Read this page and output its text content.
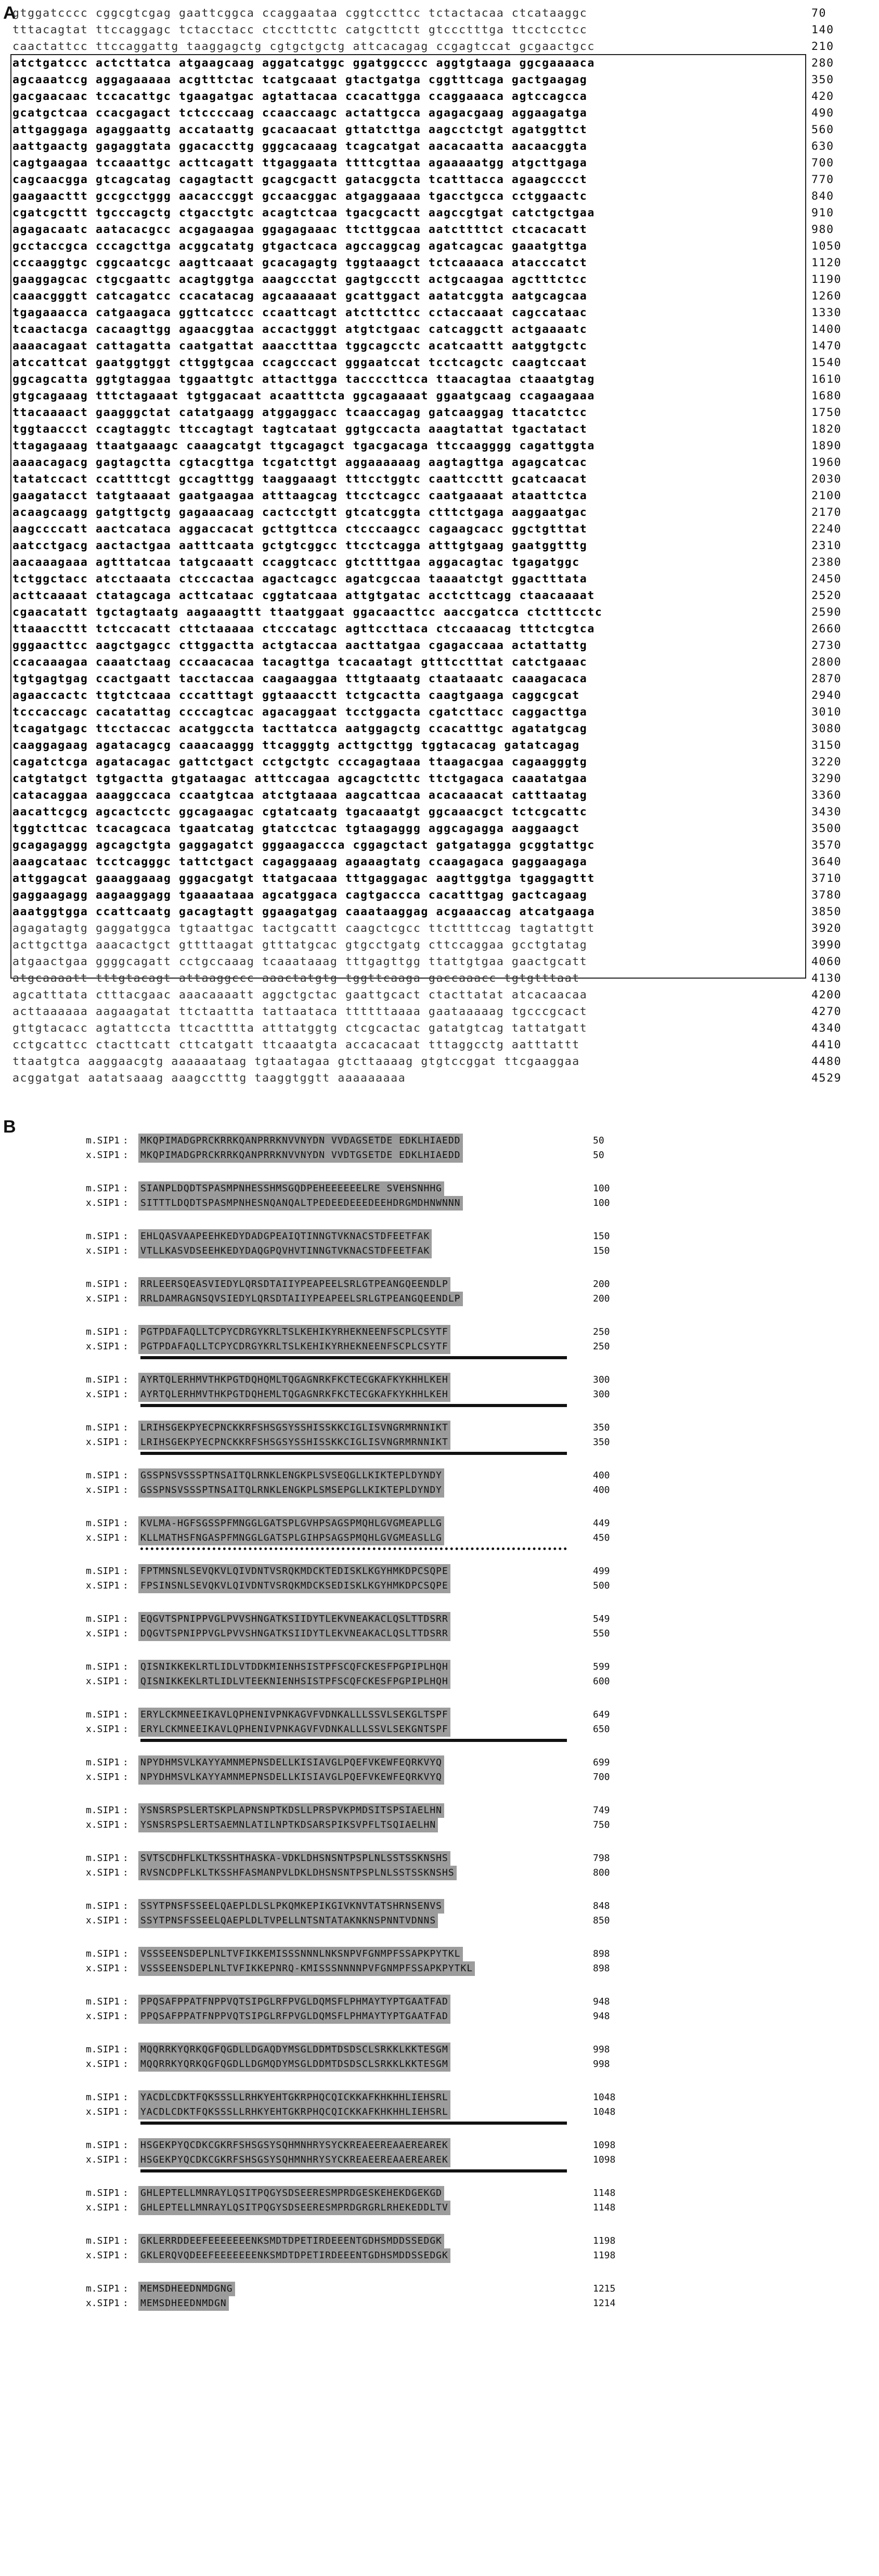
A
gtggatcccc cggcgtcgag gaattcggca ccaggaataa cggtccttcc tctactacaa ctcataaggc	70
tttacagtat ttccaggagc tctacctacc ctccttcttc catgcttctt gtccctttga ttcctcctcc	140
caactattcc ttccaggattg taaggagctg cgtgctgctg attcacagag ccgagtccat gcgaactgcc	210
atctgatccc actcttatca atgaagcaag aggatcatggc ggatggcccc aggtgtaaga ggcgaaaaca	280
agcaaatccg aggagaaaaa acgtttctac tcatgcaaat gtactgatga cggtttcaga gactgaagag	350
gacgaacaac tccacattgc tgaagatgac agtattacaa ccacattgga ccaggaaaca agtccagcca	420
gcatgctcaa ccacgagact tctccccaag ccaaccaagc actattgcca agagacgaag aggaagatga	490
attgaggaga agaggaattg accataattg gcacaacaat gttatcttga aagcctctgt agatggttct	560
aattgaactg gagaggtata ggacaccttg gggcacaaag tcagcatgat aacacaatta aacaacggta	630
cagtgaagaa tccaaattgc acttcagatt ttgaggaata ttttcgttaa agaaaaatgg atgcttgaga	700
cagcaacgga gtcagcatag cagagtactt gcagcgactt gatacggcta tcatttacca agaagcccct	770
gaagaacttt gccgcctggg aacacccggt gccaacggac atgaggaaaa tgacctgcca cctggaactc	840
cgatcgcttt tgcccagctg ctgacctgtc acagtctcaa tgacgcactt aagccgtgat catctgctgaa	910
agagacaatc aatacacgcc acgagaagaa ggagagaaac ttcttggcaa aatcttttct ctcacacatt	980
gcctaccgca cccagcttga acggcatatg gtgactcaca agccaggcag agatcagcac gaaatgttga	1050
cccaaggtgc cggcaatcgc aagttcaaat gcacagagtg tggtaaagct tctcaaaaca atacccatct	1120
gaaggagcac ctgcgaattc acagtggtga aaagccctat gagtgccctt actgcaagaa agctttctcc	1190
caaacgggtt catcagatcc ccacatacag agcaaaaaat gcattggact aatatcggta aatgcagcaa	1260
tgagaaacca catgaagaca ggttcatccc ccaattcagt atcttcttcc cctaccaaat cagccataac	1330
tcaactacga cacaagttgg agaacggtaa accactgggt atgtctgaac catcaggctt actgaaaatc	1400
aaaacagaat cattagatta caatgattat aaacctttaa tggcagcctc acatcaattt aatggtgctc	1470
atccattcat gaatggtggt cttggtgcaa ccagcccact gggaatccat tcctcagctc caagtccaat	1540
ggcagcatta ggtgtaggaa tggaattgtc attacttgga taccccttcca ttaacagtaa ctaaatgtag	1610
gtgcagaaag tttctagaaat tgtggacaat acaatttcta ggcagaaaat ggaatgcaag ccagaagaaa	1680
ttacaaaact gaagggctat catatgaagg atggaggacc tcaaccagag gatcaaggag ttacatctcc	1750
tggtaaccct ccagtaggtc ttccagtagt tagtcataat ggtgccacta aaagtattat tgactatact	1820
ttagagaaag ttaatgaaagc caaagcatgt ttgcagagct tgacgacaga ttccaagggg cagattggta	1890
aaaacagacg gagtagctta cgtacgttga tcgatcttgt aggaaaaaag aagtagttga agagcatcac	1960
tatatccact ccattttcgt gccagtttgg taaggaaagt tttcctggtc caattccttt gcatcaacat	2030
gaagatacct tatgtaaaat gaatgaagaa atttaagcag ttcctcagcc caatgaaaat ataattctca	2100
acaagcaagg gatgttgctg gagaaacaag cactcctgtt gtcatcggta ctttctgaga aaggaatgac	2170
aagccccatt aactcataca aggaccacat gcttgttcca ctcccaagcc cagaagcacc ggctgtttat	2240
aatcctgacg aactactgaa aatttcaata gctgtcggcc ttcctcagga atttgtgaag gaatggtttg	2310
aacaaagaaa agtttatcaa tatgcaaatt ccaggtcacc gtcttttgaa aggacagtac tgagatggc	2380
tctggctacc atcctaaata ctcccactaa agactcagcc agatcgccaa taaaatctgt ggactttata	2450
acttcaaaat ctatagcaga acttcataac cggtatcaaa attgtgatac acctcttcagg ctaacaaaat	2520
cgaacatatt tgctagtaatg aagaaagttt ttaatggaat ggacaacttcc aaccgatcca ctctttcctc	2590
ttaaaccttt tctccacatt cttctaaaaa ctcccatagc agttccttaca ctccaaacag tttctcgtca	2660
gggaacttcc aagctgagcc cttggactta actgtaccaa aacttatgaa cgagaccaaa actattattg	2730
ccacaaagaa caaatctaag cccaacacaa tacagttga tcacaatagt gtttcctttat catctgaaac	2800
tgtgagtgag ccactgaatt tacctaccaa caagaaggaa tttgtaaatg ctaataaatc caaagacaca	2870
agaaccactc ttgtctcaaa cccatttagt ggtaaacctt tctgcactta caagtgaaga caggcgcat	2940
tcccaccagc cacatattag ccccagtcac agacaggaat tcctggacta cgatcttacc caggacttga	3010
tcagatgagc ttcctaccac acatggccta tacttatcca aatggagctg ccacatttgc agatatgcag	3080
caaggagaag agatacagcg caaacaaggg ttcagggtg acttgcttgg tggtacacag gatatcagag	3150
cagatctcga agatacagac gattctgact cctgctgtc cccagagtaaa ttaagacgaa cagaagggtg	3220
catgtatgct tgtgactta gtgataagac atttccagaa agcagctcttc ttctgagaca caaatatgaa	3290
catacaggaa aaaggccaca ccaatgtcaa atctgtaaaa aagcattcaa acacaaacat catttaatag	3360
aacattcgcg agcactcctc ggcagaagac cgtatcaatg tgacaaatgt ggcaaacgct tctcgcattc	3430
tggtcttcac tcacagcaca tgaatcatag gtatcctcac tgtaagaggg aggcagagga aaggaagct	3500
gcagagaggg agcagctgta gaggagatct gggaagaccca cggagctact gatgatagga gcggtattgc	3570
aaagcataac tcctcagggc tattctgact cagaggaaag agaaagtatg ccaagagaca gaggaagaga	3640
attggagcat gaaaggaaag gggacgatgt ttatgacaaa tttgaggagac aagttggtga tgaggagttt	3710
gaggaagagg aagaaggagg tgaaaataaa agcatggaca cagtgaccca cacatttgag gactcagaag	3780
aaatggtgga ccattcaatg gacagtagtt ggaagatgag caaataaggag acgaaaccag atcatgaaga	3850
agagatagtg gaggatggca tgtaattgac tactgcattt caagctcgcc ttcttttccag tagtattgtt	3920
acttgcttga aaacactgct gttttaagat gtttatgcac gtgcctgatg cttccaggaa gcctgtatag	3990
atgaactgaa ggggcagatt cctgccaaag tcaaataaag tttgagttgg ttattgtgaa gaactgcatt	4060
atgcaaaatt tttgtacagt attaaggccc aaactatgtg tggttcaaga gaccaaacc tgtgtttaat	4130
agcatttata ctttacgaac aaacaaaatt aggctgctac gaattgcact ctacttatat atcacaacaa	4200
acttaaaaaa aagaagatat ttctaattta tattaataca ttttttaaaa gaataaaaag tgcccgcact	4270
gttgtacacc agtattccta ttcactttta atttatggtg ctcgcactac gatatgtcag tattatgatt	4340
cctgcattcc ctacttcatt cttcatgatt ttcaaatgta accacacaat tttaggcctg aatttattt	4410
ttaatgtca aaggaacgtg aaaaaataag tgtaatagaa gtcttaaaag gtgtccggat ttcgaaggaa	4480
acggatgat aatatsaaag aaagcctttg taaggtggtt aaaaaaaaa	4529
B
m.SIP1 : MKQPIMADGPRCKRRKQANPRRKNVVNYDN VVDAGSETDE EDKLHIAEDD	50
x.SIP1 : MKQPIMADGPRCKRRKQANPRRKNVVNYDN VVDTGSETDE EDKLHIAEDD	50
m.SIP1 : SIANPLDQDTSPASMPNHESSHMSGQDPEHEEEEEELRE SVEHSNHHG	100
x.SIP1 : SITTTLDQDTSPASMPNHESNQANQALTPEDEEDEEEDEEHDRGMDHNWNNN	100
m.SIP1 : EHLQASVAAPEEHKEDYDADGPEAIQTINNGTVKNACSTDFEETFAK	150
x.SIP1 : VTLLKASVDSEEHKEDYDAQGPQVHVTINNGTVKNACSTDFEETFAK	150
m.SIP1 : RRLEERSQEASVIEDYLQRSDTAIIYPEAPEELSRLGTPEANGQEENDLP	200
x.SIP1 : RRLDAMRAGNSQVSIEDYLQRSDTAIIYPEAPEELSRLGTPEANGQEENDLP	200
m.SIP1 : PGTPDAFAQLLTCPYCDRGYKRLTSLKEHIKYRHEKNEENFSCPLCSYTF	250
x.SIP1 : PGTPDAFAQLLTCPYCDRGYKRLTSLKEHIKYRHEKNEENFSCPLCSYTF	250
m.SIP1 : AYRTQLERHMVTHKPGTDQHQMLTQGAGNRKFKCTECGKAFKYKHHLKEH	300
x.SIP1 : AYRTQLERHMVTHKPGTDQHEMLTQGAGNRKFKCTECGKAFKYKHHLKEH	300
m.SIP1 : LRIHSGEKPYECPNCKKRFSHSGSYSSHISSKKCIGLISVNGRMRNNIKT	350
x.SIP1 : LRIHSGEKPYECPNCKKRFSHSGSYSSHISSKKCIGLISVNGRMRNNIKT	350
m.SIP1 : GSSPNSVSSSPTNSAITQLRNKLENGKPLSVSEQGLLKIKTEPLDYNDY	400
x.SIP1 : GSSPNSVSSSPTNSAITQLRNKLENGKPLSMSEPGLLKIKTEPLDYNDY	400
m.SIP1 : KVLMA-HGFSGSSPFMNGGLGATSPLGVHPSAGSPMQHLGVGMEAPLLG	449
x.SIP1 : KLLMATHSFNGASPFMNGGLGATSPLGIHPSAGSPMQHLGVGMEASLLG	450
m.SIP1 : FPTMNSNLSEVQKVLQIVDNTVSRQKMDCKTEDISKLKGYHMKDPCSQPE	499
x.SIP1 : FPSINSNLSEVQKVLQIVDNTVSRQKMDCKSEDISKLKGYHMKDPCSQPE	500
m.SIP1 : EQGVTSPNIPPVGLPVVSHNGATKSIIDYTLEKVNEAKACLQSLTTDSRR	549
x.SIP1 : DQGVTSPNIPPVGLPVVSHNGATKSIIDYTLEKVNEAKACLQSLTTDSRR	550
m.SIP1 : QISNIKKEKLRTLIDLVTDDKMIENHSISTPFSCQFCKESFPGPIPLHQH	599
x.SIP1 : QISNIKKEKLRTLIDLVTEEKNIENHSISTPFSCQFCKESFPGPIPLHQH	600
m.SIP1 : ERYLCKMNEEIKAVLQPHENIVPNKAGVFVDNKALLLSSVLSEKGLTSPF	649
x.SIP1 : ERYLCKMNEEIKAVLQPHENIVPNKAGVFVDNKALLLSSVLSEKGNTSPF	650
m.SIP1 : NPYDHMSVLKAYYAMNMEPNSDELLKISIAVGLPQEFVKEWFEQRKVYQ	699
x.SIP1 : NPYDHMSVLKAYYAMNMEPNSDELLKISIAVGLPQEFVKEWFEQRKVYQ	700
m.SIP1 : YSNSRSPSLERTSKPLAPNSNPTKDSLLPRSPVKPMDSITSPSIAELHN	749
x.SIP1 : YSNSRSPSLERTSAEMNLATILNPTKDSARSPIKSVPFLTSQIAELHN	750
m.SIP1 : SVTSCDHFLKLTKSSHTHASKA-VDKLDHSNSNTPSPLNLSSTSSKNSHS	798
x.SIP1 : RVSNCDPFLKLTKSSHFASMANPVLDKLDHSNSNTPSPLNLSSTSSKNSHS	800
m.SIP1 : SSYTPNSFSSEELQAEPLDLSLPKQMKEPIKGIVKNVTATSHRNSENVS	848
x.SIP1 : SSYTPNSFSSEELQAEPLDLTVPELLNTSNTATAKNKNSPNNTVDNNS	850
m.SIP1 : VSSSEENSDEPLNLTVFIKKEMISSSNNNLNKSNPVFGNMPFSSAPKPYTKL	898
x.SIP1 : VSSSEENSDEPLNLTVFIKKEPNRQ-KMISSSNNNNPVFGNMPFSSAPKPYTKL	898
m.SIP1 : PPQSAFPPATFNPPVQTSIPGLRFPVGLDQMSFLPHMAYTYPTGAATFAD	948
x.SIP1 : PPQSAFPPATFNPPVQTSIPGLRFPVGLDQMSFLPHMAYTYPTGAATFAD	948
m.SIP1 : MQQRRKYQRKQGFQGDLLDGAQDYMSGLDDMTDSDSCLSRKKLKKTESGM	998
x.SIP1 : MQQRRKYQRKQGFQGDLLDGMQDYMSGLDDMTDSDSCLSRKKLKKTESGM	998
m.SIP1 : YACDLCDKTFQKSSSLLRHKYEHTGKRPHQCQICKKAFKHKHHLIEHSRL	1048
x.SIP1 : YACDLCDKTFQKSSSLLRHKYEHTGKRPHQCQICKKAFKHKHHLIEHSRL	1048
m.SIP1 : HSGEKPYQCDKCGKRFSHSGSYSQHMNHRYSYCKREAEEREAAEREAREK	1098
x.SIP1 : HSGEKPYQCDKCGKRFSHSGSYSQHMNHRYSYCKREAEEREAAEREAREK	1098
m.SIP1 : GHLEPTELLMNRAYLQSITPQGYSDSEERESMPRDGESKEHEKDGEKGD	1148
x.SIP1 : GHLEPTELLMNRAYLQSITPQGYSDSEERESMPRDGRGRLRHEKEDDLTV	1148
m.SIP1 : GKLERRDDEEFEEEEEEENKSMDTDPETIRDEEENTGDHSMDDSSEDGK	1198
x.SIP1 : GKLERQVQDEEFEEEEEEENKSMDTDPETIRDEEENTGDHSMDDSSEDGK	1198
m.SIP1 : MEMSDHEEDNMDGNG	1215
x.SIP1 : MEMSDHEEDNMDGN	1214
